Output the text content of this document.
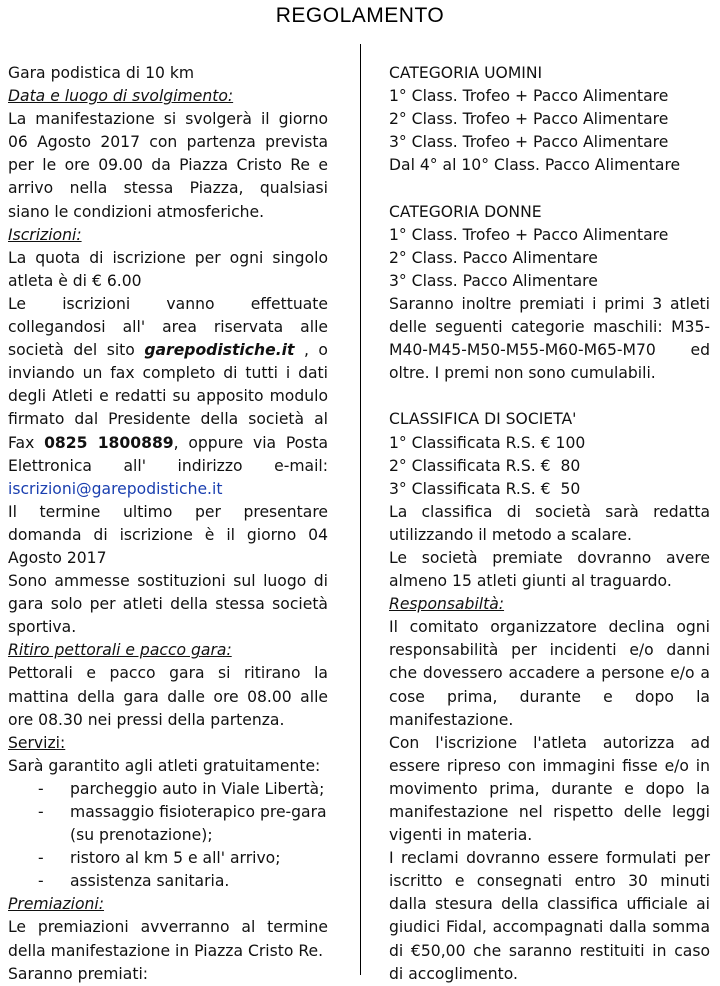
REGOLAMENTO

Gara podistica di 10 km

Data e luogo di svolgimento:

La manifestazione si svolgerà il giorno 06 Agosto 2017 con partenza prevista per le ore 09.00 da Piazza Cristo Re e arrivo nella stessa Piazza, qualsiasi siano le condizioni atmosferiche.

Iscrizioni:

La quota di iscrizione per ogni singolo atleta è di € 6.00

Le iscrizioni vanno effettuate collegandosi all' area riservata alle società del sito garepodistiche.it , o inviando un fax completo di tutti i dati degli Atleti e redatti su apposito modulo firmato dal Presidente della società al Fax 0825 1800889, oppure via Posta Elettronica all' indirizzo e-mail: iscrizioni@garepodistiche.it

Il termine ultimo per presentare domanda di iscrizione è il giorno 04 Agosto 2017

Sono ammesse sostituzioni sul luogo di gara solo per atleti della stessa società sportiva.

Ritiro pettorali e pacco gara:

Pettorali e pacco gara si ritirano la mattina della gara dalle ore 08.00 alle ore 08.30 nei pressi della partenza.

Servizi:

Sarà garantito agli atleti gratuitamente:

- parcheggio auto in Viale Libertà;
- massaggio fisioterapico pre-gara (su prenotazione);
- ristoro al km 5 e all' arrivo;
- assistenza sanitaria.

Premiazioni:

Le premiazioni avverranno al termine della manifestazione in Piazza Cristo Re.

Saranno premiati:

CATEGORIA UOMINI

1° Class. Trofeo + Pacco Alimentare

2° Class. Trofeo + Pacco Alimentare

3° Class. Trofeo + Pacco Alimentare

Dal 4° al 10° Class. Pacco Alimentare

CATEGORIA DONNE

1° Class. Trofeo + Pacco Alimentare

2° Class. Pacco Alimentare

3° Class. Pacco Alimentare

Saranno inoltre premiati i primi 3 atleti delle seguenti categorie maschili: M35-M40-M45-M50-M55-M60-M65-M70 ed oltre. I premi non sono cumulabili.

CLASSIFICA DI SOCIETA'

1° Classificata R.S. € 100

2° Classificata R.S. €  80

3° Classificata R.S. €  50

La classifica di società sarà redatta utilizzando il metodo a scalare.

Le società premiate dovranno avere almeno 15 atleti giunti al traguardo.

Responsabiltà:

Il comitato organizzatore declina ogni responsabilità per incidenti e/o danni che dovessero accadere a persone e/o a cose prima, durante e dopo la manifestazione.

Con l'iscrizione l'atleta autorizza ad essere ripreso con immagini fisse e/o in movimento prima, durante e dopo la manifestazione nel rispetto delle leggi vigenti in materia.

I reclami dovranno essere formulati per iscritto e consegnati entro 30 minuti dalla stesura della classifica ufficiale ai giudici Fidal, accompagnati dalla somma di €50,00 che saranno restituiti in caso di accoglimento.
